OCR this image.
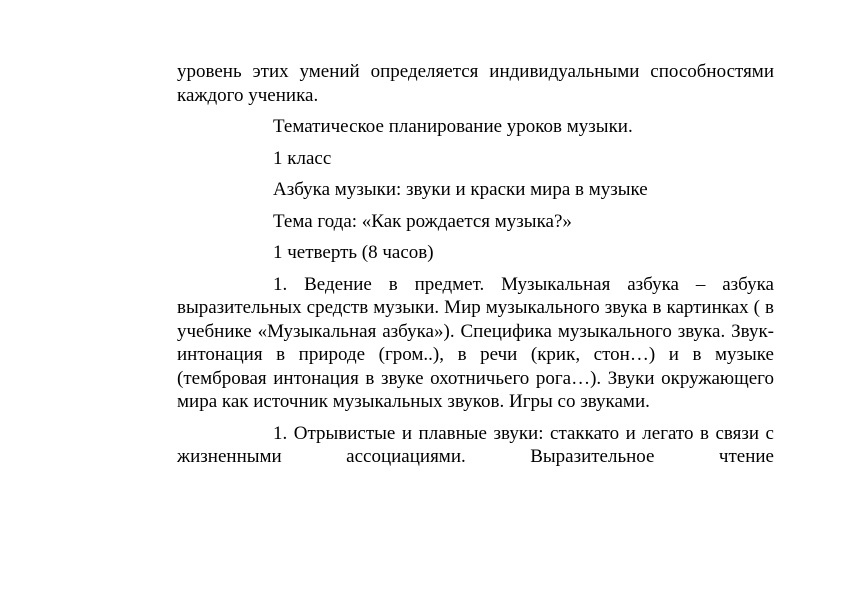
уровень этих умений определяется индивидуальными способностями каждого ученика.

Тематическое планирование уроков музыки.

1 класс

Азбука музыки: звуки и краски мира в музыке

Тема года: «Как рождается музыка?»

1 четверть (8 часов)

1. Ведение в предмет. Музыкальная азбука – азбука выразительных средств музыки. Мир музыкального звука в картинках ( в учебнике «Музыкальная азбука»). Специфика музыкального звука. Звук-интонация в природе (гром..), в речи (крик, стон…) и в музыке (тембровая интонация в звуке охотничьего рога…). Звуки окружающего мира как источник музыкальных звуков. Игры со звуками.

1. Отрывистые и плавные звуки: стаккато и легато в связи с жизненными ассоциациями. Выразительное чтение
